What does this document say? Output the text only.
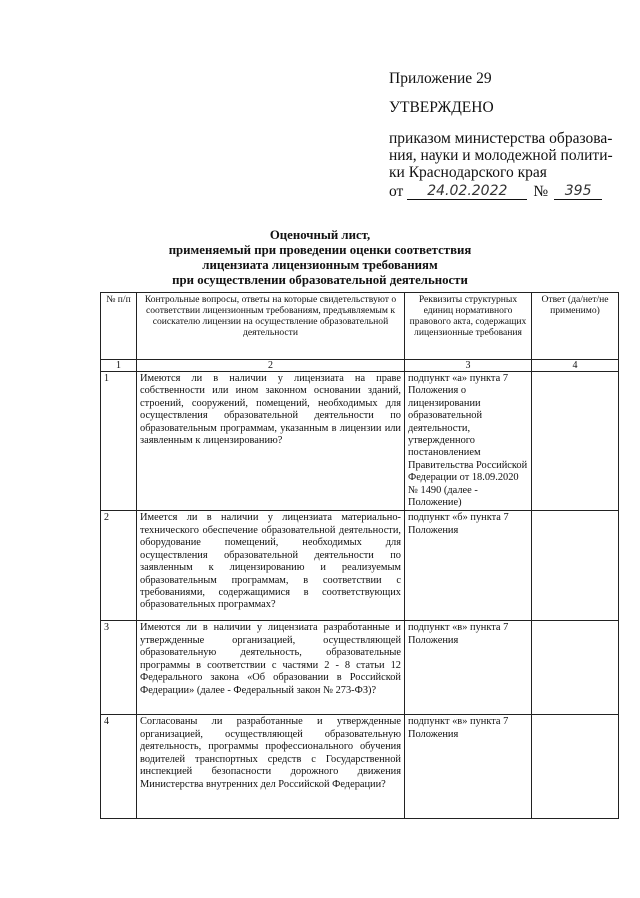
Приложение 29

УТВЕРЖДЕНО

приказом министерства образова-
ния, науки и молодежной полити-
ки Краснодарского края

от	24.02.2022	№	395
Оценочный лист,
применяемый при проведении оценки соответствия
лицензиата лицензионным требованиям
при осуществлении образовательной деятельности
№ п/п	Контрольные вопросы, ответы на которые свидетельствуют о соответствии лицензионным требованиям, предъявляемым к соискателю лицензии на осуществление образовательной деятельности	Реквизиты структурных единиц нормативного правового акта, содержащих лицензионные требования	Ответ (да/нет/не применимо)
1	2	3	4
1	Имеются ли в наличии у лицензиата на праве собственности или ином законном основании зданий, строений, сооружений, помещений, необходимых для осуществления образовательной деятельности по образовательным программам, указанным в лицензии или заявленным к лицензированию?	подпункт «а» пункта 7 Положения о лицензировании образовательной деятельности, утвержденного постановлением Правительства Российской Федерации от 18.09.2020 № 1490 (далее - Положение)	
2	Имеется ли в наличии у лицензиата материально-технического обеспечение образовательной деятельности, оборудование помещений, необходимых для осуществления образовательной деятельности по заявленным к лицензированию и реализуемым образовательным программам, в соответствии с требованиями, содержащимися в соответствующих образовательных программах?	подпункт «б» пункта 7 Положения	
3	Имеются ли в наличии у лицензиата разработанные и утвержденные организацией, осуществляющей образовательную деятельность, образовательные программы в соответствии с частями 2 - 8 статьи 12 Федерального закона «Об образовании в Российской Федерации» (далее - Федеральный закон № 273-ФЗ)?	подпункт «в» пункта 7 Положения	
4	Согласованы ли разработанные и утвержденные организацией, осуществляющей образовательную деятельность, программы профессионального обучения водителей транспортных средств с Государственной инспекцией безопасности дорожного движения Министерства внутренних дел Российской Федерации?	подпункт «в» пункта 7 Положения	
